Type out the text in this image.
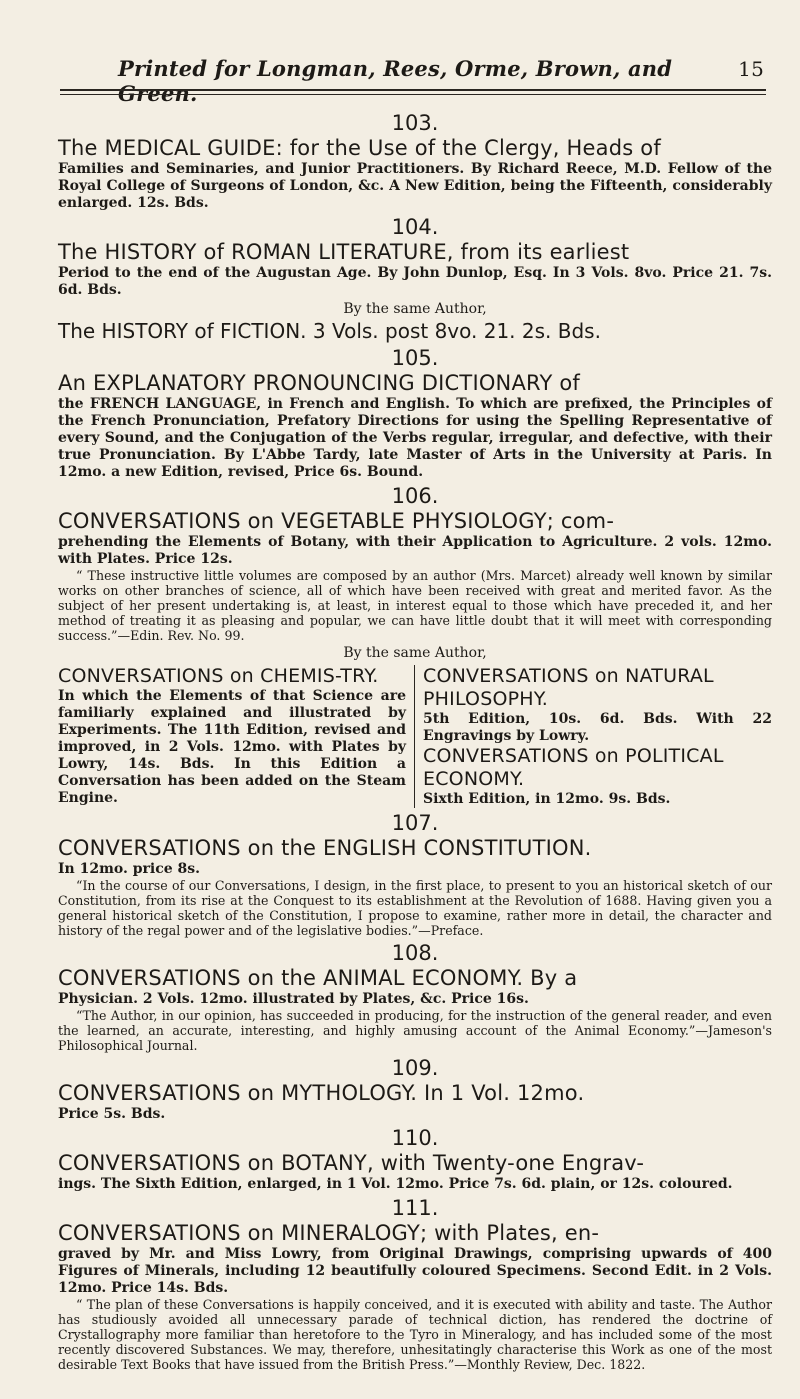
Printed for Longman, Rees, Orme, Brown, and Green.
15

103.

The MEDICAL GUIDE: for the Use of the Clergy, Heads of

Families and Seminaries, and Junior Practitioners. By Richard Reece, M.D. Fellow of the Royal College of Surgeons of London, &c. A New Edition, being the Fifteenth, considerably enlarged. 12s. Bds.

104.

The HISTORY of ROMAN LITERATURE, from its earliest

Period to the end of the Augustan Age. By John Dunlop, Esq. In 3 Vols. 8vo. Price 21. 7s. 6d. Bds.

By the same Author,

The HISTORY of FICTION. 3 Vols. post 8vo. 21. 2s. Bds.

105.

An EXPLANATORY PRONOUNCING DICTIONARY of

the FRENCH LANGUAGE, in French and English. To which are prefixed, the Principles of the French Pronunciation, Prefatory Directions for using the Spelling Representative of every Sound, and the Conjugation of the Verbs regular, irregular, and defective, with their true Pronunciation. By L'Abbe Tardy, late Master of Arts in the University at Paris. In 12mo. a new Edition, revised, Price 6s. Bound.

106.

CONVERSATIONS on VEGETABLE PHYSIOLOGY; com-

prehending the Elements of Botany, with their Application to Agriculture. 2 vols. 12mo. with Plates. Price 12s.

“ These instructive little volumes are composed by an author (Mrs. Marcet) already well known by similar works on other branches of science, all of which have been received with great and merited favor. As the subject of her present undertaking is, at least, in interest equal to those which have preceded it, and her method of treating it as pleasing and popular, we can have little doubt that it will meet with corresponding success.”—Edin. Rev. No. 99.

By the same Author,

CONVERSATIONS on CHEMIS-TRY.

In which the Elements of that Science are familiarly explained and illustrated by Experiments. The 11th Edition, revised and improved, in 2 Vols. 12mo. with Plates by Lowry, 14s. Bds. In this Edition a Conversation has been added on the Steam Engine.

CONVERSATIONS on NATURAL PHILOSOPHY.

5th Edition, 10s. 6d. Bds. With 22 Engravings by Lowry.

CONVERSATIONS on POLITICAL ECONOMY.

Sixth Edition, in 12mo. 9s. Bds.

107.

CONVERSATIONS on the ENGLISH CONSTITUTION.

In 12mo. price 8s.

“In the course of our Conversations, I design, in the first place, to present to you an historical sketch of our Constitution, from its rise at the Conquest to its establishment at the Revolution of 1688. Having given you a general historical sketch of the Constitution, I propose to examine, rather more in detail, the character and history of the regal power and of the legislative bodies.”—Preface.

108.

CONVERSATIONS on the ANIMAL ECONOMY. By a

Physician. 2 Vols. 12mo. illustrated by Plates, &c. Price 16s.

“The Author, in our opinion, has succeeded in producing, for the instruction of the general reader, and even the learned, an accurate, interesting, and highly amusing account of the Animal Economy.”—Jameson's Philosophical Journal.

109.

CONVERSATIONS on MYTHOLOGY. In 1 Vol. 12mo.

Price 5s. Bds.

110.

CONVERSATIONS on BOTANY, with Twenty-one Engrav-

ings. The Sixth Edition, enlarged, in 1 Vol. 12mo. Price 7s. 6d. plain, or 12s. coloured.

111.

CONVERSATIONS on MINERALOGY; with Plates, en-

graved by Mr. and Miss Lowry, from Original Drawings, comprising upwards of 400 Figures of Minerals, including 12 beautifully coloured Specimens. Second Edit. in 2 Vols. 12mo. Price 14s. Bds.

“ The plan of these Conversations is happily conceived, and it is executed with ability and taste. The Author has studiously avoided all unnecessary parade of technical diction, has rendered the doctrine of Crystallography more familiar than heretofore to the Tyro in Mineralogy, and has included some of the most recently discovered Substances. We may, therefore, unhesitatingly characterise this Work as one of the most desirable Text Books that have issued from the British Press.”—Monthly Review, Dec. 1822.
